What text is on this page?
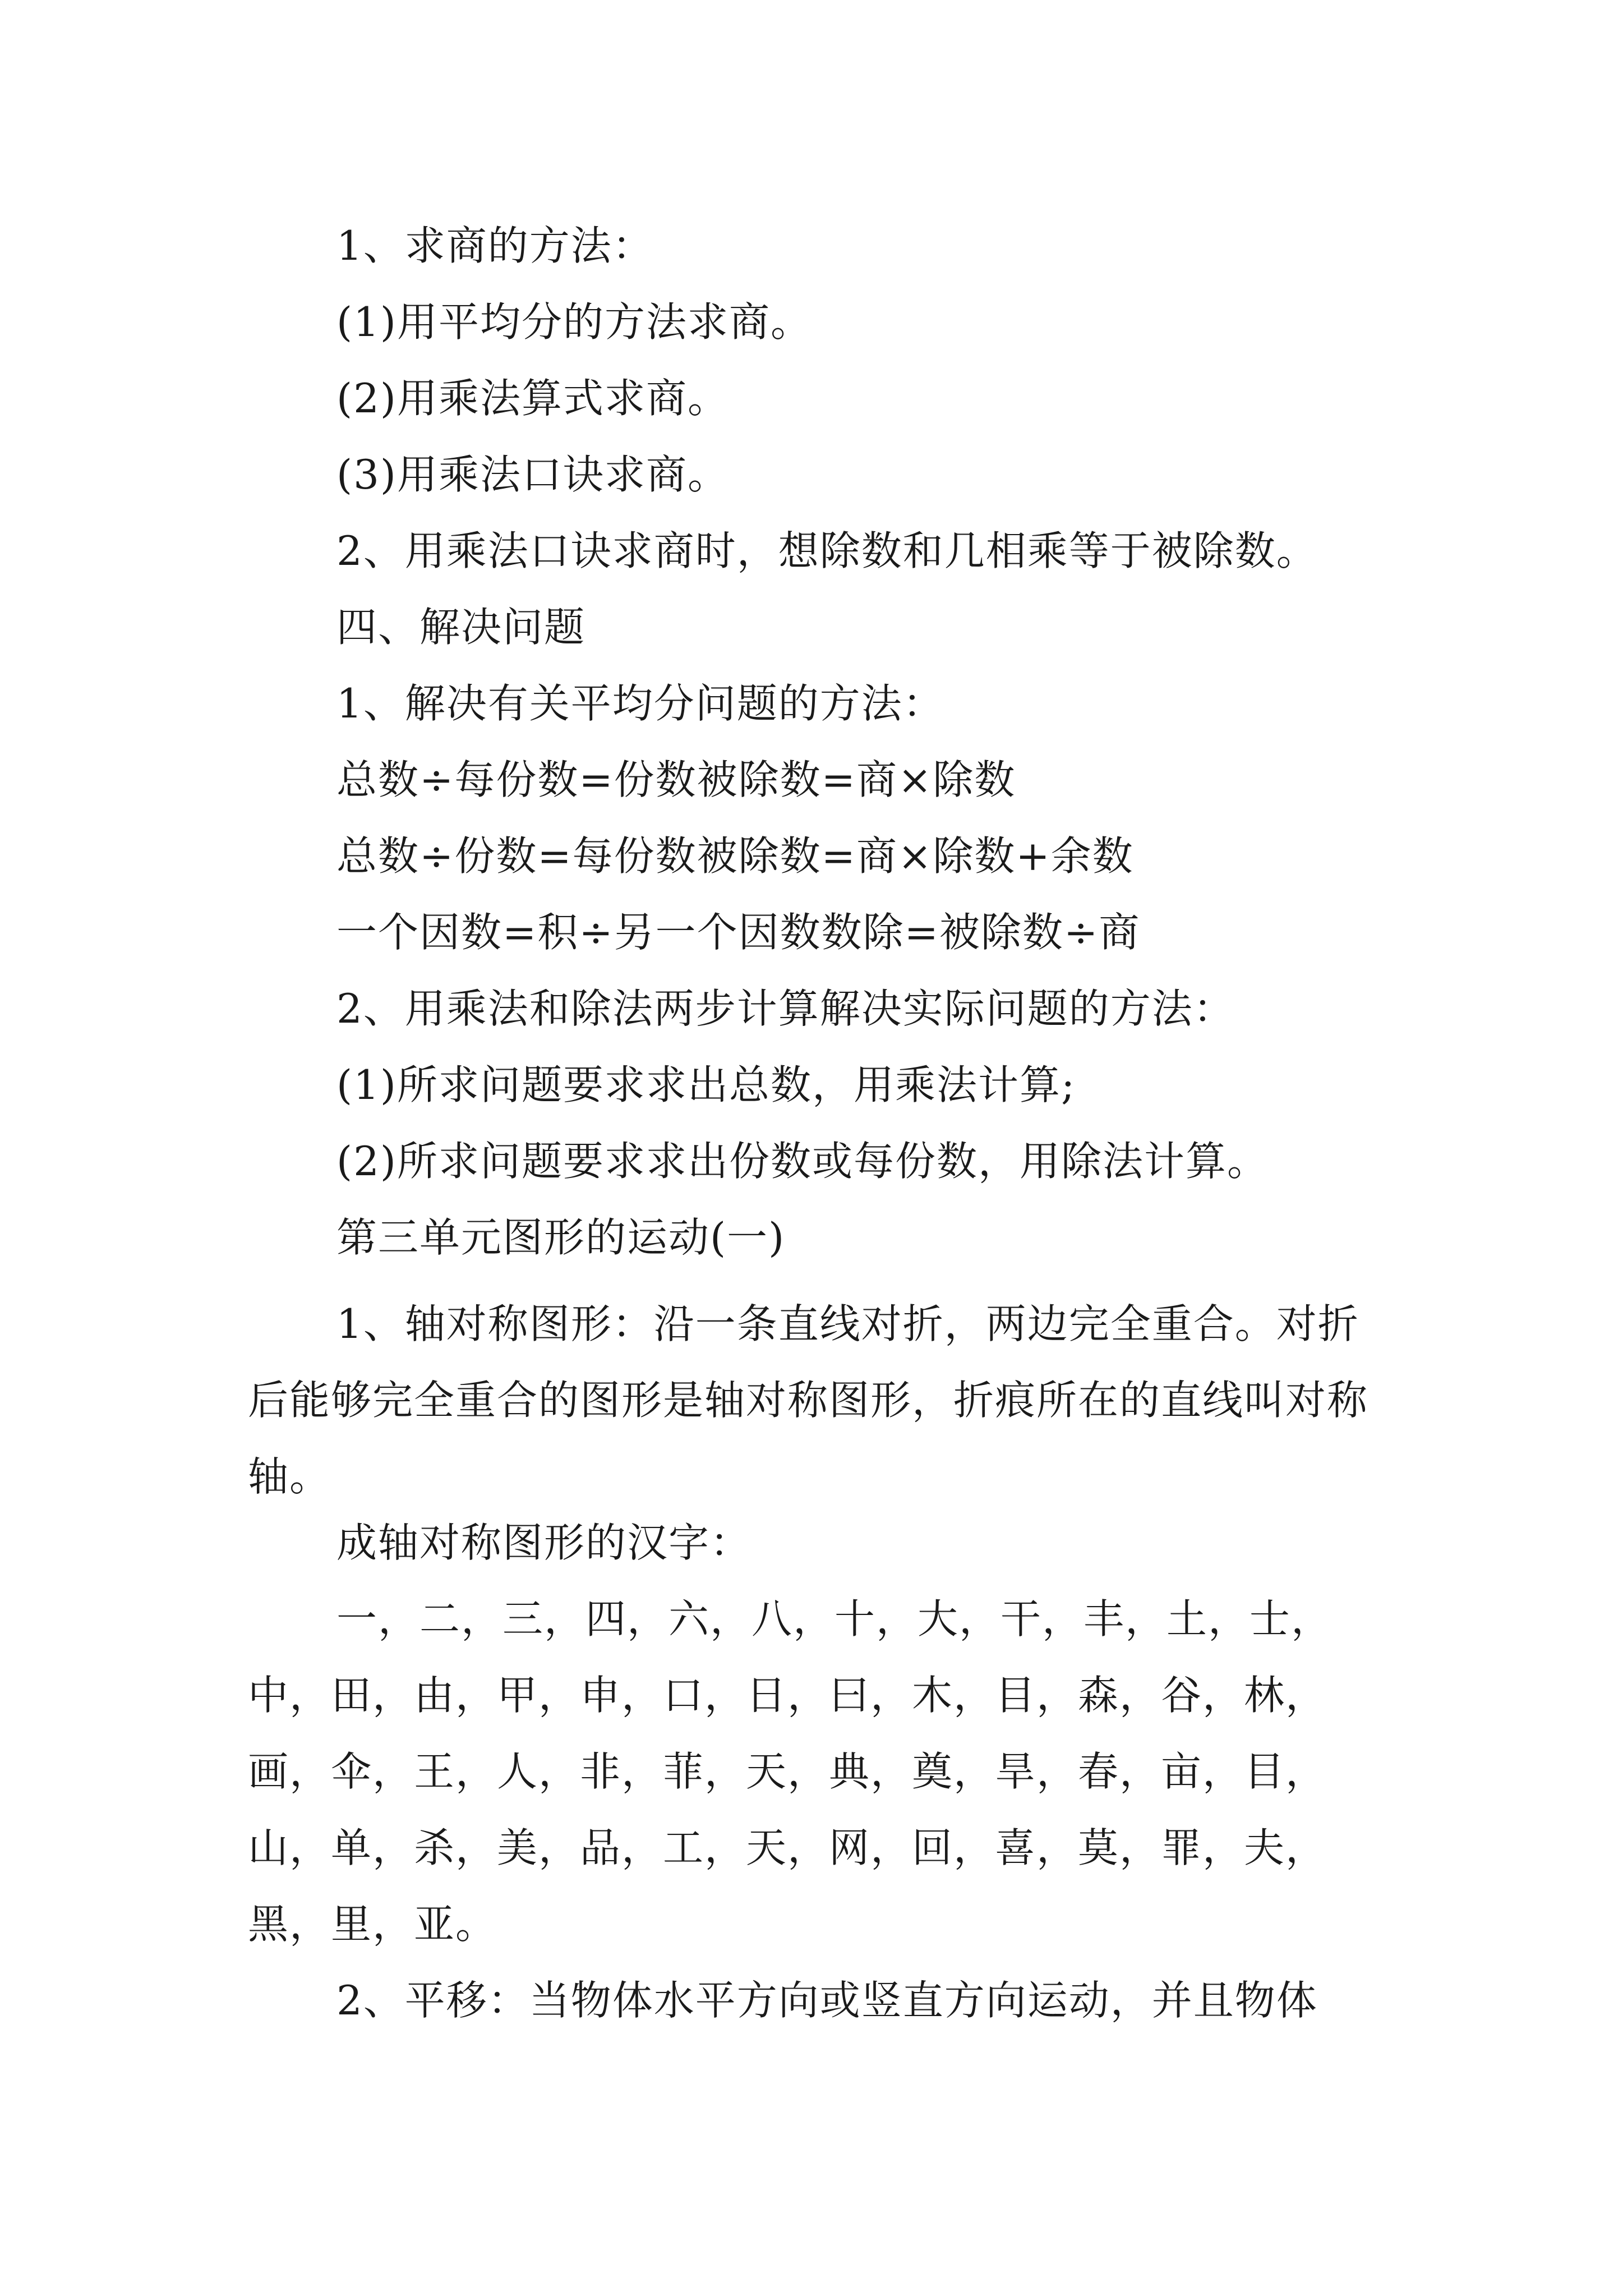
1、求商的方法：
(1)用平均分的方法求商。
(2)用乘法算式求商。
(3)用乘法口诀求商。
2、用乘法口诀求商时，想除数和几相乘等于被除数。
四、解决问题
1、解决有关平均分问题的方法：
总数÷每份数=份数被除数=商×除数
总数÷份数=每份数被除数=商×除数+余数
一个因数=积÷另一个因数数除=被除数÷商
2、用乘法和除法两步计算解决实际问题的方法：
(1)所求问题要求求出总数，用乘法计算;
(2)所求问题要求求出份数或每份数，用除法计算。
第三单元图形的运动(一)
1、轴对称图形：沿一条直线对折，两边完全重合。对折后能够完全重合的图形是轴对称图形，折痕所在的直线叫对称轴。
成轴对称图形的汉字：
一，二，三，四，六，八，十，大，干，丰，土，士，
中，田，由，甲，申，口，日，曰，木，目，森，谷，林，
画，伞，王，人，非，菲，天，典，奠，旱，春，亩，目，
山，单，杀，美，品，工，天，网，回，喜，莫，罪，夫，
黑，里，亚。
2、平移：当物体水平方向或竖直方向运动，并且物体
